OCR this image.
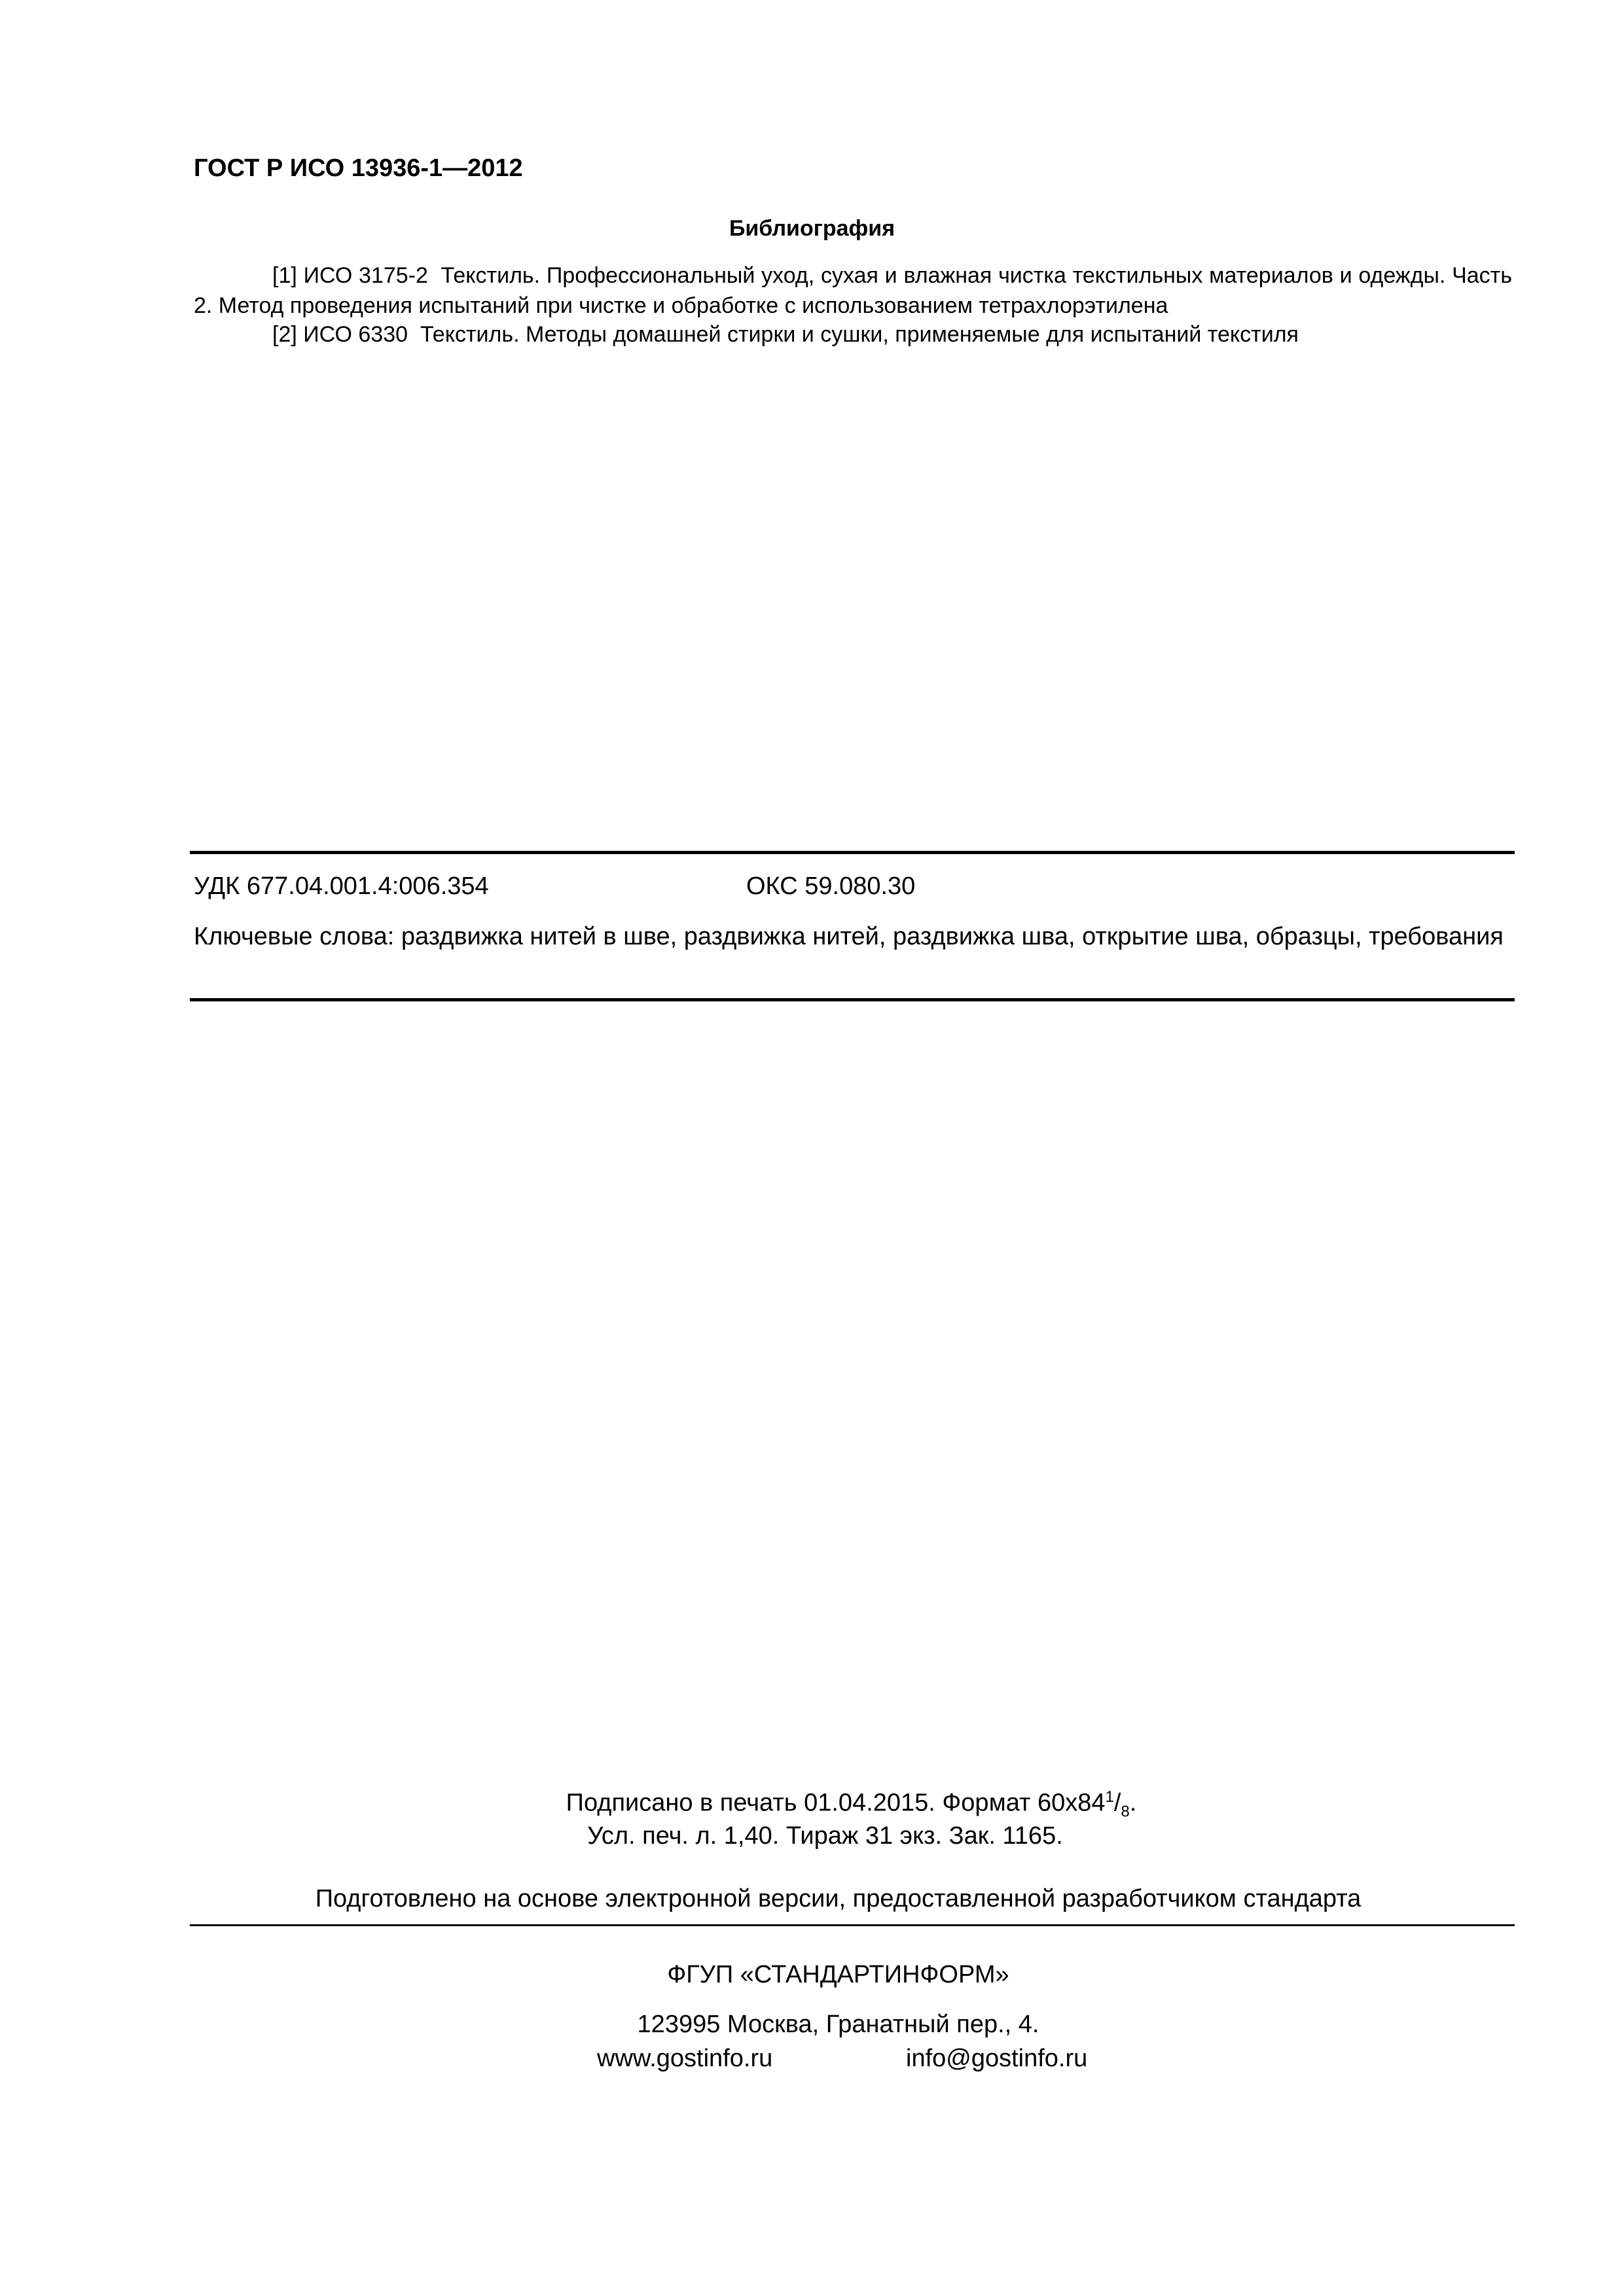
ГОСТ Р ИСО 13936-1—2012
Библиография
[1] ИСО 3175-2 Текстиль. Профессиональный уход, сухая и влажная чистка текстильных материалов и одежды. Часть 2. Метод проведения испытаний при чистке и обработке с использованием тетрахлорэтилена
[2] ИСО 6330 Текстиль. Методы домашней стирки и сушки, применяемые для испытаний текстиля
УДК 677.04.001.4:006.354	ОКС 59.080.30
Ключевые слова: раздвижка нитей в шве, раздвижка нитей, раздвижка шва, открытие шва, образцы, требования
Подписано в печать 01.04.2015. Формат $60х84^1/_8$.
Усл. печ. л. 1,40. Тираж 31 экз. Зак. 1165.
Подготовлено на основе электронной версии, предоставленной разработчиком стандарта
ФГУП «СТАНДАРТИНФОРМ»
123995 Москва, Гранатный пер., 4.
www.gostinfo.ru	info@gostinfo.ru
